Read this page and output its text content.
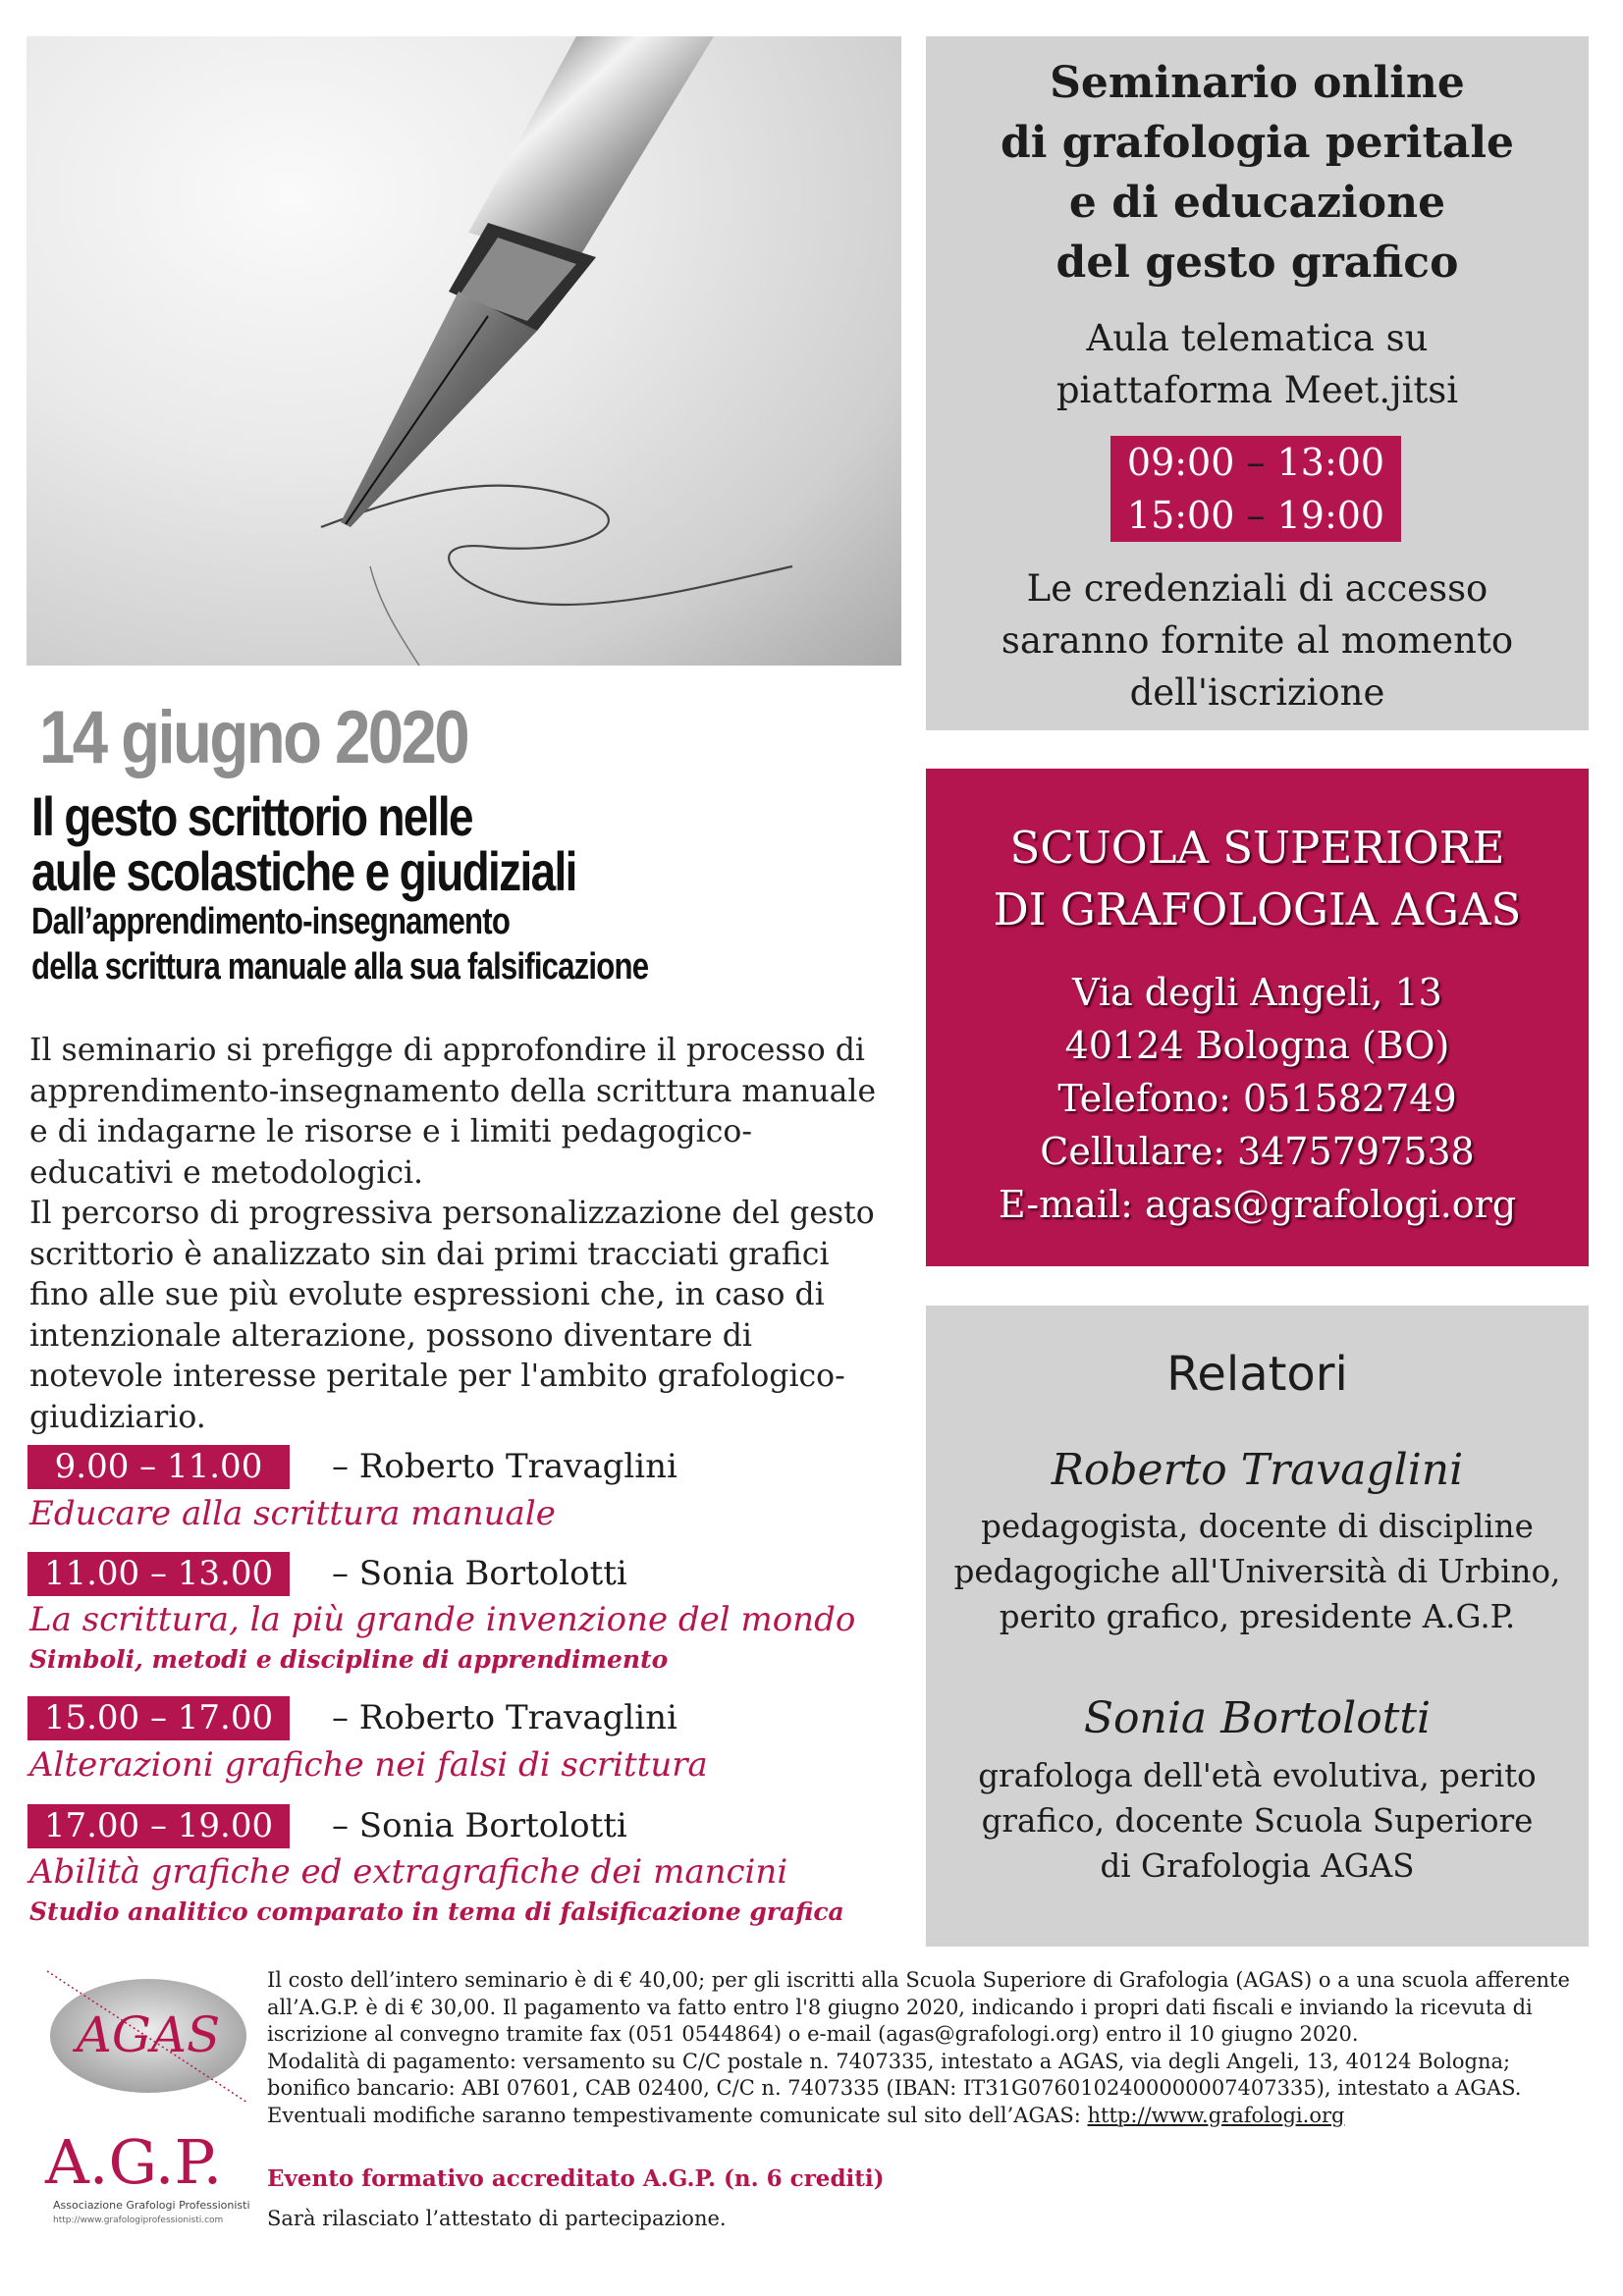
14 giugno 2020
Il gesto scrittorio nelle
aule scolastiche e giudiziali
Dall’apprendimento-insegnamento
della scrittura manuale alla sua falsificazione

Il seminario si prefigge di approfondire il processo di apprendimento-insegnamento della scrittura manuale e di indagarne le risorse e i limiti pedagogico-educativi e metodologici.

Il percorso di progressiva personalizzazione del gesto scrittorio è analizzato sin dai primi tracciati grafici fino alle sue più evolute espressioni che, in caso di intenzionale alterazione, possono diventare di notevole interesse peritale per l'ambito grafologico-giudiziario.

9.00 – 11.00	– Roberto Travaglini
Educare alla scrittura manuale
11.00 – 13.00	– Sonia Bortolotti
La scrittura, la più grande invenzione del mondo
Simboli, metodi e discipline di apprendimento
15.00 – 17.00	– Roberto Travaglini
Alterazioni grafiche nei falsi di scrittura
17.00 – 19.00	– Sonia Bortolotti
Abilità grafiche ed extragrafiche dei mancini
Studio analitico comparato in tema di falsificazione grafica
Seminario online
di grafologia peritale
e di educazione
del gesto grafico
Aula telematica su
piattaforma Meet.jitsi
09:00 – 13:00
15:00 – 19:00
Le credenziali di accesso
saranno fornite al momento
dell'iscrizione
SCUOLA SUPERIORE
DI GRAFOLOGIA AGAS
Via degli Angeli, 13
40124 Bologna (BO)
Telefono: 051582749
Cellulare: 3475797538
E-mail: agas@grafologi.org
Relatori
Roberto Travaglini
pedagogista, docente di discipline
pedagogiche all'Università di Urbino,
perito grafico, presidente A.G.P.
Sonia Bortolotti
grafologa dell'età evolutiva, perito
grafico, docente Scuola Superiore
di Grafologia AGAS
AGAS
A.G.P.
Associazione Grafologi Professionisti
http://www.grafologiprofessionisti.com
Il costo dell’intero seminario è di € 40,00; per gli iscritti alla Scuola Superiore di Grafologia (AGAS) o a una scuola afferente
all’A.G.P. è di € 30,00. Il pagamento va fatto entro l'8 giugno 2020, indicando i propri dati fiscali e inviando la ricevuta di
iscrizione al convegno tramite fax (051 0544864) o e-mail (agas@grafologi.org) entro il 10 giugno 2020.
Modalità di pagamento: versamento su C/C postale n. 7407335, intestato a AGAS, via degli Angeli, 13, 40124 Bologna;
bonifico bancario: ABI 07601, CAB 02400, C/C n. 7407335 (IBAN: IT31G0760102400000007407335), intestato a AGAS.
Eventuali modifiche saranno tempestivamente comunicate sul sito dell’AGAS: http://www.grafologi.org
Evento formativo accreditato A.G.P. (n. 6 crediti)
Sarà rilasciato l’attestato di partecipazione.
